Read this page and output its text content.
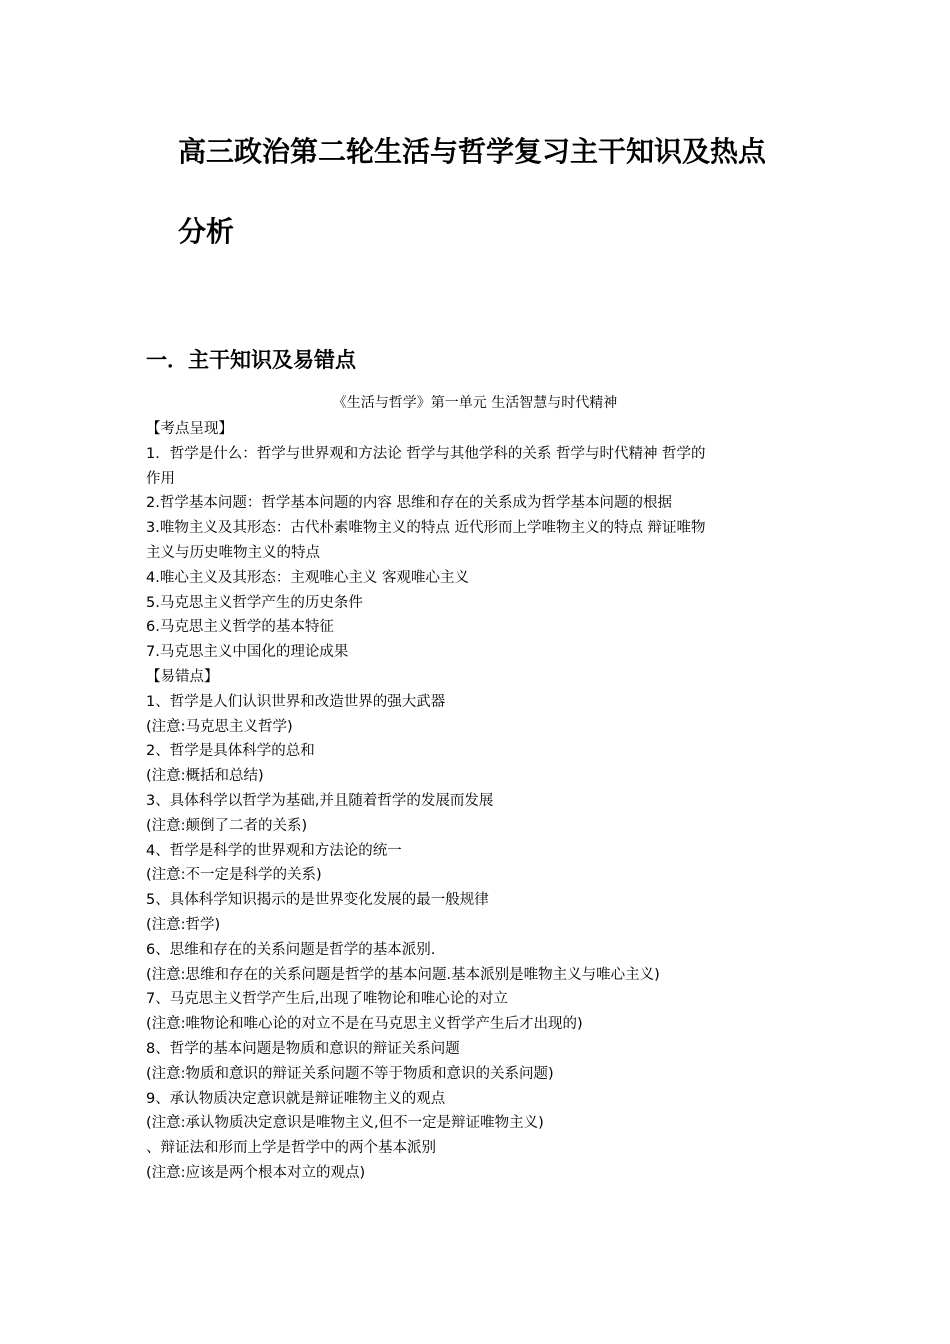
高三政治第二轮生活与哲学复习主干知识及热点
分析
一．主干知识及易错点
《生活与哲学》第一单元 生活智慧与时代精神
【考点呈现】
1．哲学是什么：哲学与世界观和方法论 哲学与其他学科的关系 哲学与时代精神 哲学的
作用
2.哲学基本问题：哲学基本问题的内容 思维和存在的关系成为哲学基本问题的根据
3.唯物主义及其形态：古代朴素唯物主义的特点 近代形而上学唯物主义的特点 辩证唯物
主义与历史唯物主义的特点
4.唯心主义及其形态：主观唯心主义 客观唯心主义
5.马克思主义哲学产生的历史条件
6.马克思主义哲学的基本特征
7.马克思主义中国化的理论成果
【易错点】
1、哲学是人们认识世界和改造世界的强大武器
(注意:马克思主义哲学)
2、哲学是具体科学的总和
(注意:概括和总结)
3、具体科学以哲学为基础,并且随着哲学的发展而发展
(注意:颠倒了二者的关系)
4、哲学是科学的世界观和方法论的统一
(注意:不一定是科学的关系)
5、具体科学知识揭示的是世界变化发展的最一般规律
(注意:哲学)
6、思维和存在的关系问题是哲学的基本派别.
(注意:思维和存在的关系问题是哲学的基本问题.基本派别是唯物主义与唯心主义)
7、马克思主义哲学产生后,出现了唯物论和唯心论的对立
(注意:唯物论和唯心论的对立不是在马克思主义哲学产生后才出现的)
8、哲学的基本问题是物质和意识的辩证关系问题
(注意:物质和意识的辩证关系问题不等于物质和意识的关系问题)
9、承认物质决定意识就是辩证唯物主义的观点
(注意:承认物质决定意识是唯物主义,但不一定是辩证唯物主义)
、辩证法和形而上学是哲学中的两个基本派别
(注意:应该是两个根本对立的观点)
